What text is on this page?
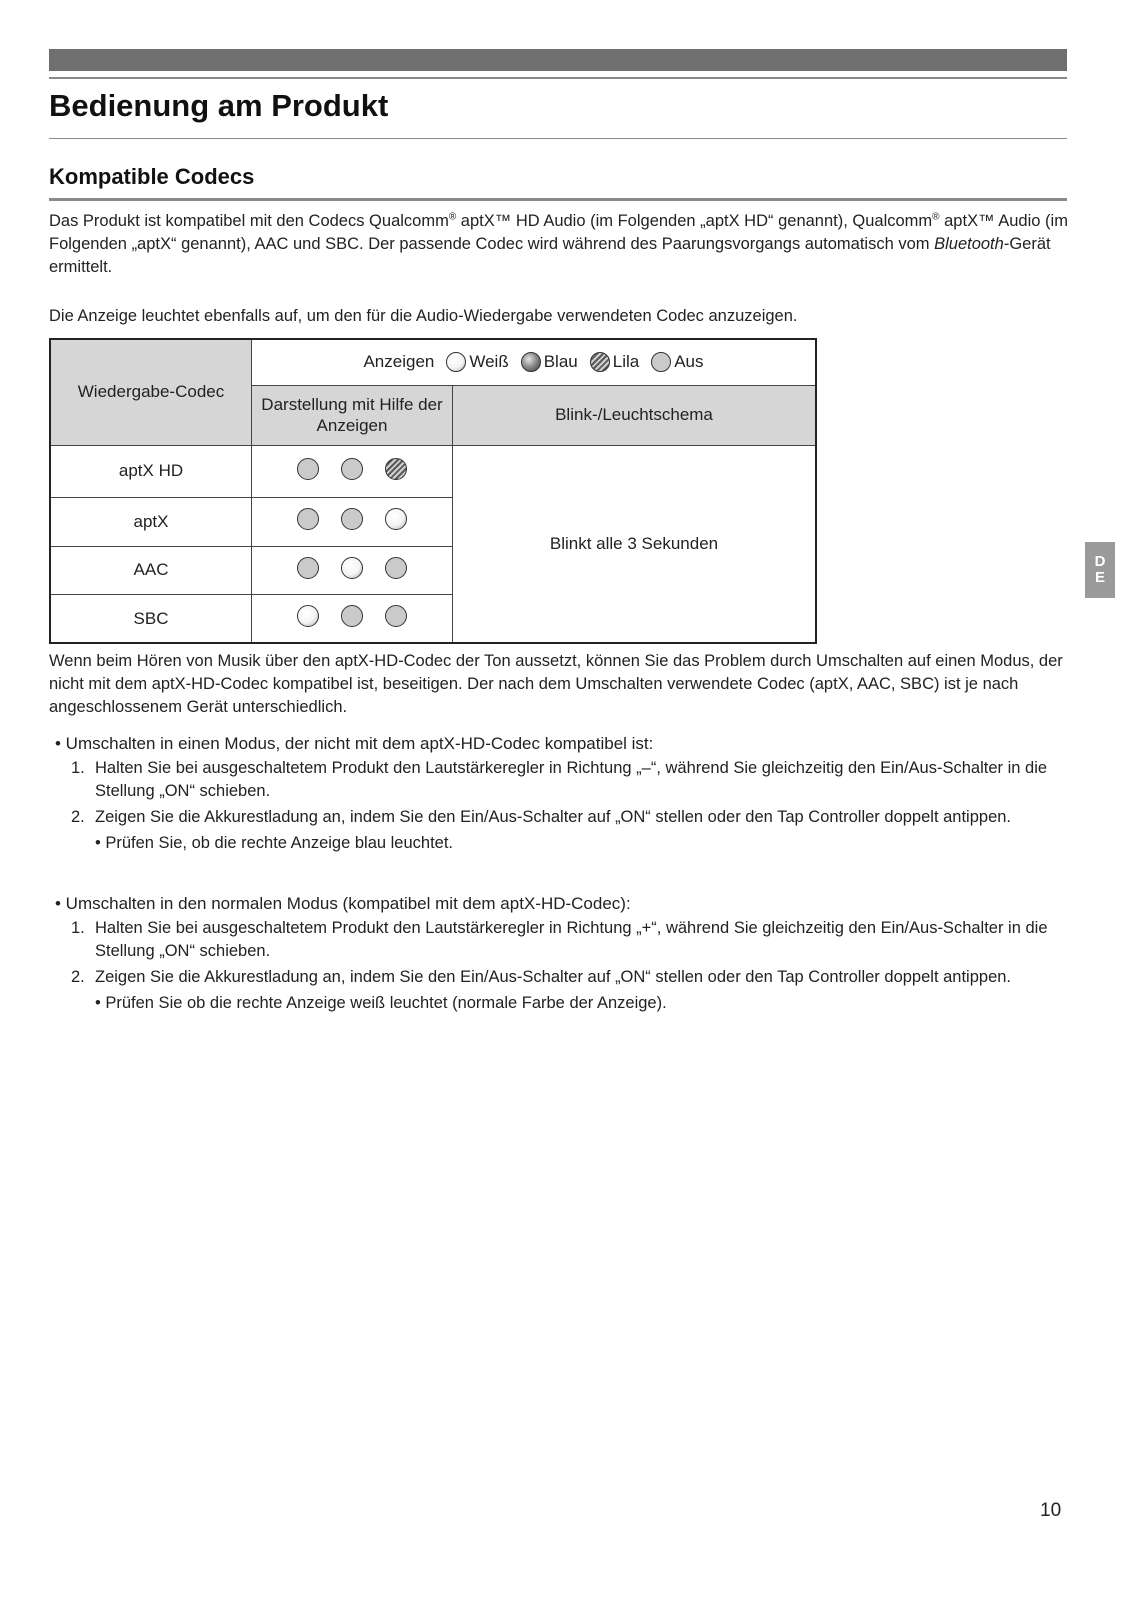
Bedienung am Produkt
Kompatible Codecs

Das Produkt ist kompatibel mit den Codecs Qualcomm® aptX™ HD Audio (im Folgenden „aptX HD“ genannt), Qualcomm® aptX™ Audio (im Folgenden „aptX“ genannt), AAC und SBC. Der passende Codec wird während des Paarungsvorgangs automatisch vom Bluetooth-Gerät ermittelt.

Die Anzeige leuchtet ebenfalls auf, um den für die Audio-Wiedergabe verwendeten Codec anzuzeigen.

Wiedergabe-Codec	Anzeigen Weiß Blau Lila Aus	

	Darstellung mit Hilfe der Anzeigen	Blink-/Leuchtschema
aptX HD		Blinkt alle 3 Sekunden
aptX		

AAC		

SBC		
D
E

Wenn beim Hören von Musik über den aptX-HD-Codec der Ton aussetzt, können Sie das Problem durch Umschalten auf einen Modus, der nicht mit dem aptX-HD-Codec kompatibel ist, beseitigen. Der nach dem Umschalten verwendete Codec (aptX, AAC, SBC) ist je nach angeschlossenem Gerät unterschiedlich.

• Umschalten in einen Modus, der nicht mit dem aptX-HD-Codec kompatibel ist:
1. Halten Sie bei ausgeschaltetem Produkt den Lautstärkeregler in Richtung „–“, während Sie gleichzeitig den Ein/Aus-Schalter in die Stellung „ON“ schieben.
2. Zeigen Sie die Akkurestladung an, indem Sie den Ein/Aus-Schalter auf „ON“ stellen oder den Tap Controller doppelt antippen.
• Prüfen Sie, ob die rechte Anzeige blau leuchtet.
• Umschalten in den normalen Modus (kompatibel mit dem aptX-HD-Codec):
1. Halten Sie bei ausgeschaltetem Produkt den Lautstärkeregler in Richtung „+“, während Sie gleichzeitig den Ein/Aus-Schalter in die Stellung „ON“ schieben.
2. Zeigen Sie die Akkurestladung an, indem Sie den Ein/Aus-Schalter auf „ON“ stellen oder den Tap Controller doppelt antippen.
• Prüfen Sie ob die rechte Anzeige weiß leuchtet (normale Farbe der Anzeige).
10
